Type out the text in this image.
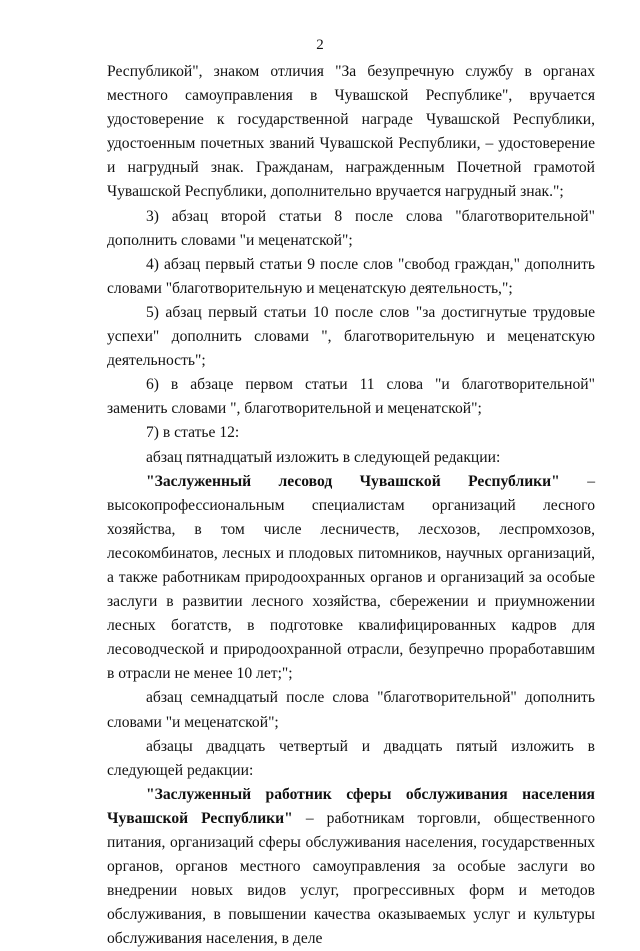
2

Республикой", знаком отличия "За безупречную службу в органах местного самоуправления в Чувашской Республике", вручается удостоверение к государственной награде Чувашской Республики, удостоенным почетных званий Чувашской Республики, – удостоверение и нагрудный знак. Гражданам, награжденным Почетной грамотой Чувашской Республики, дополнительно вручается нагрудный знак.";

3) абзац второй статьи 8 после слова "благотворительной" дополнить словами "и меценатской";

4) абзац первый статьи 9 после слов "свобод граждан," дополнить словами "благотворительную и меценатскую деятельность,";

5) абзац первый статьи 10 после слов "за достигнутые трудовые успехи" дополнить словами ", благотворительную и меценатскую деятельность";

6) в абзаце первом статьи 11 слова "и благотворительной" заменить словами ", благотворительной и меценатской";

7) в статье 12:

абзац пятнадцатый изложить в следующей редакции:

"Заслуженный лесовод Чувашской Республики" – высокопрофессиональным специалистам организаций лесного хозяйства, в том числе лесничеств, лесхозов, леспромхозов, лесокомбинатов, лесных и плодовых питомников, научных организаций, а также работникам природоохранных органов и организаций за особые заслуги в развитии лесного хозяйства, сбережении и приумножении лесных богатств, в подготовке квалифицированных кадров для лесоводческой и природоохранной отрасли, безупречно проработавшим в отрасли не менее 10 лет;";

абзац семнадцатый после слова "благотворительной" дополнить словами "и меценатской";

абзацы двадцать четвертый и двадцать пятый изложить в следующей редакции:

"Заслуженный работник сферы обслуживания населения Чувашской Республики" – работникам торговли, общественного питания, организаций сферы обслуживания населения, государственных органов, органов местного самоуправления за особые заслуги во внедрении новых видов услуг, прогрессивных форм и методов обслуживания, в повышении качества оказываемых услуг и культуры обслуживания населения, в деле
